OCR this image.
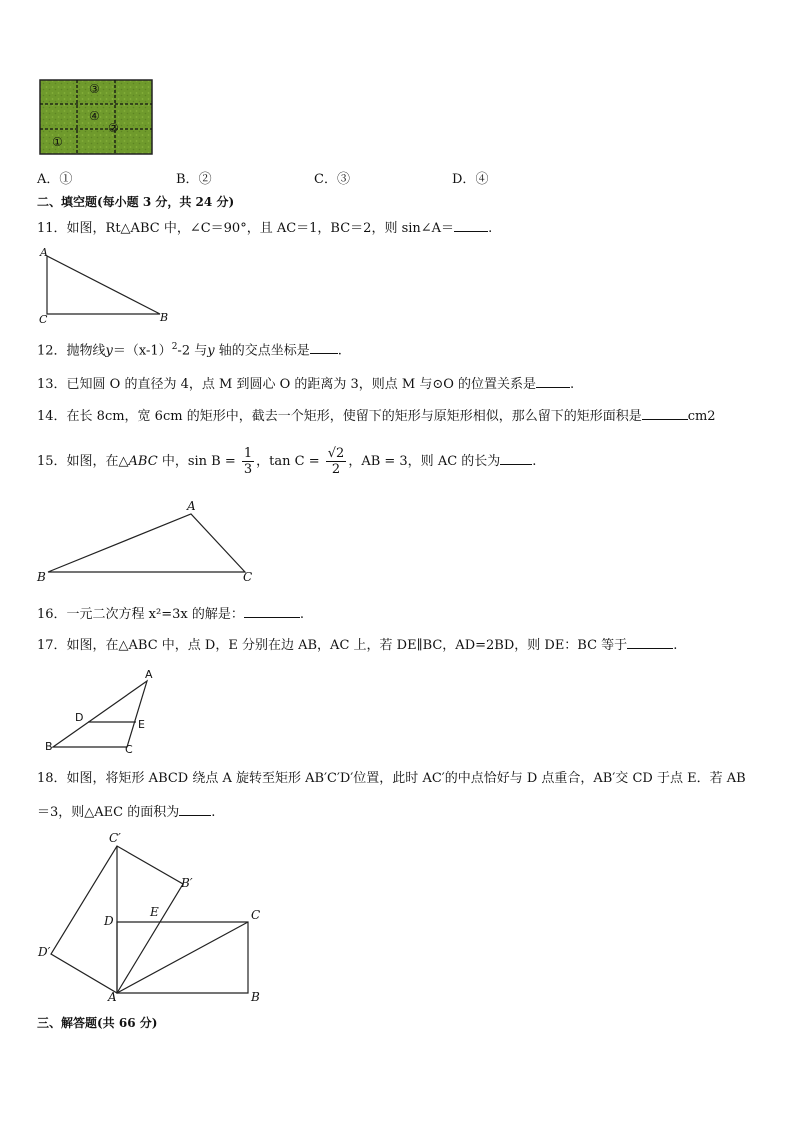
③
④
②
①
A．①	B．②	C．③	D．④
二、填空题(每小题 3 分，共 24 分)
11．如图，Rt△ABC 中，∠C＝90°，且 AC＝1，BC＝2，则 sin∠A＝	.
A
C	B
12．抛物线$y=(x-1)^2-2$ 与y 轴的交点坐标是 .
13．已知圆 O 的直径为 4，点 M 到圆心 O 的距离为 3，则点 M 与⊙O 的位置关系是	.
14．在长 8cm，宽 6cm 的矩形中，截去一个矩形，使留下的矩形与原矩形相似，那么留下的矩形面积是	cm2
15．如图，在△ABC 中，$\sin B = \frac{1}{3}$ ，$\tan C = \frac{√2}{2}$ ，AB = 3，则 AC 的长为 .
A
B	C
16．一元二次方程 x²=3x 的解是：	.
17．如图，在△ABC 中，点 D，E 分别在边 AB，AC 上，若 DE∥BC，AD=2BD，则 DE：BC 等于	.
A
D
E
B	C
18．如图，将矩形 ABCD 绕点 A 旋转至矩形 AB′C′D′位置，此时 AC′的中点恰好与 D 点重合，AB′交 CD 于点 E．若 AB
＝3，则△AEC 的面积为 .
C′
B′
D
E	C
D′
A	B
三、解答题(共 66 分)
